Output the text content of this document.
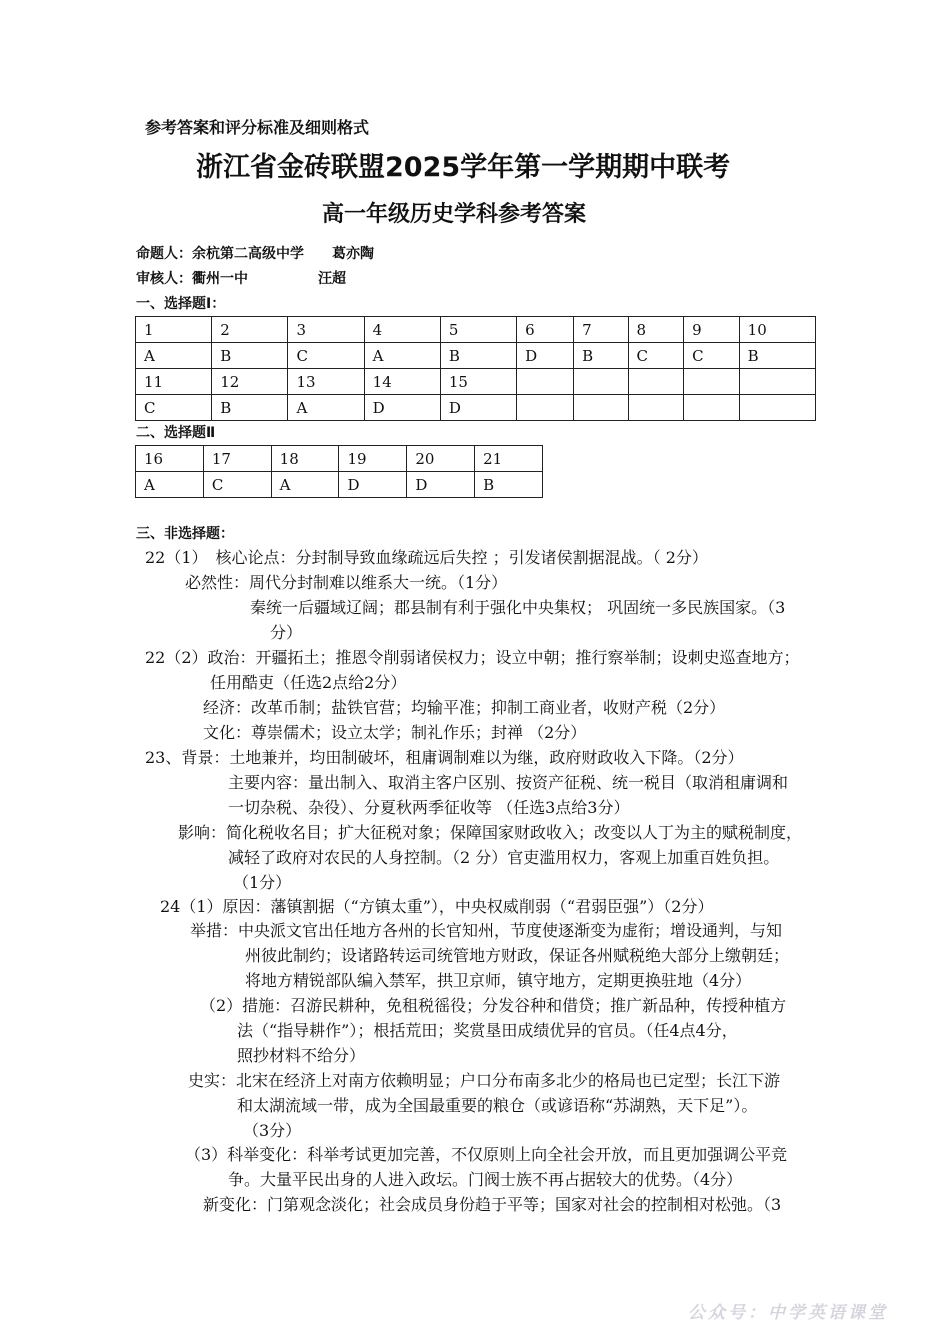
参考答案和评分标准及细则格式
浙江省金砖联盟2025学年第一学期期中联考
高一年级历史学科参考答案
命题人：余杭第二高级中学　　葛亦陶
审核人：衢州一中　　　　　汪超
一、选择题Ⅰ：
1	2	3	4	5	6	7	8	9	10
A	B	C	A	B	D	B	C	C	B
11	12	13	14	15					
C	B	A	D	D					
二、选择题Ⅱ
16	17	18	19	20	21
A	C	A	D	D	B
三、非选择题：
22（1）　核心论点：分封制导致血缘疏远后失控 ；引发诸侯割据混战。（ 2分）
必然性：周代分封制难以维系大一统。（1分）
秦统一后疆域辽阔；郡县制有利于强化中央集权； 巩固统一多民族国家。（3
分）
22（2）政治：开疆拓土；推恩令削弱诸侯权力；设立中朝；推行察举制；设刺史巡查地方；
任用酷吏（任选2点给2分）
经济：改革币制；盐铁官营；均输平准；抑制工商业者，收财产税（2分）
文化：尊崇儒术；设立太学；制礼作乐；封禅 （2分）
23、背景：土地兼并，均田制破坏，租庸调制难以为继，政府财政收入下降。（2分）
主要内容：量出制入、取消主客户区别、按资产征税、统一税目（取消租庸调和
一切杂税、杂役）、分夏秋两季征收等 （任选3点给3分）
影响：简化税收名目；扩大征税对象；保障国家财政收入；改变以人丁为主的赋税制度，
减轻了政府对农民的人身控制。（2 分）官吏滥用权力，客观上加重百姓负担。
（1分）
24（1）原因：藩镇割据（“方镇太重”），中央权威削弱（“君弱臣强”）（2分）
举措：中央派文官出任地方各州的长官知州，节度使逐渐变为虚衔；增设通判，与知
州彼此制约；设诸路转运司统管地方财政，保证各州赋税绝大部分上缴朝廷；
将地方精锐部队编入禁军，拱卫京师，镇守地方，定期更换驻地（4分）
（2）措施：召游民耕种，免租税徭役；分发谷种和借贷；推广新品种，传授种植方
法（“指导耕作”）；根括荒田；奖赏垦田成绩优异的官员。（任4点4分，
照抄材料不给分）
史实：北宋在经济上对南方依赖明显；户口分布南多北少的格局也已定型；长江下游
和太湖流域一带，成为全国最重要的粮仓（或谚语称“苏湖熟，天下足”）。
（3分）
（3）科举变化：科举考试更加完善，不仅原则上向全社会开放，而且更加强调公平竞
争。大量平民出身的人进入政坛。门阀士族不再占据较大的优势。（4分）
新变化：门第观念淡化；社会成员身份趋于平等；国家对社会的控制相对松弛。（3
公众号：中学英语课堂
